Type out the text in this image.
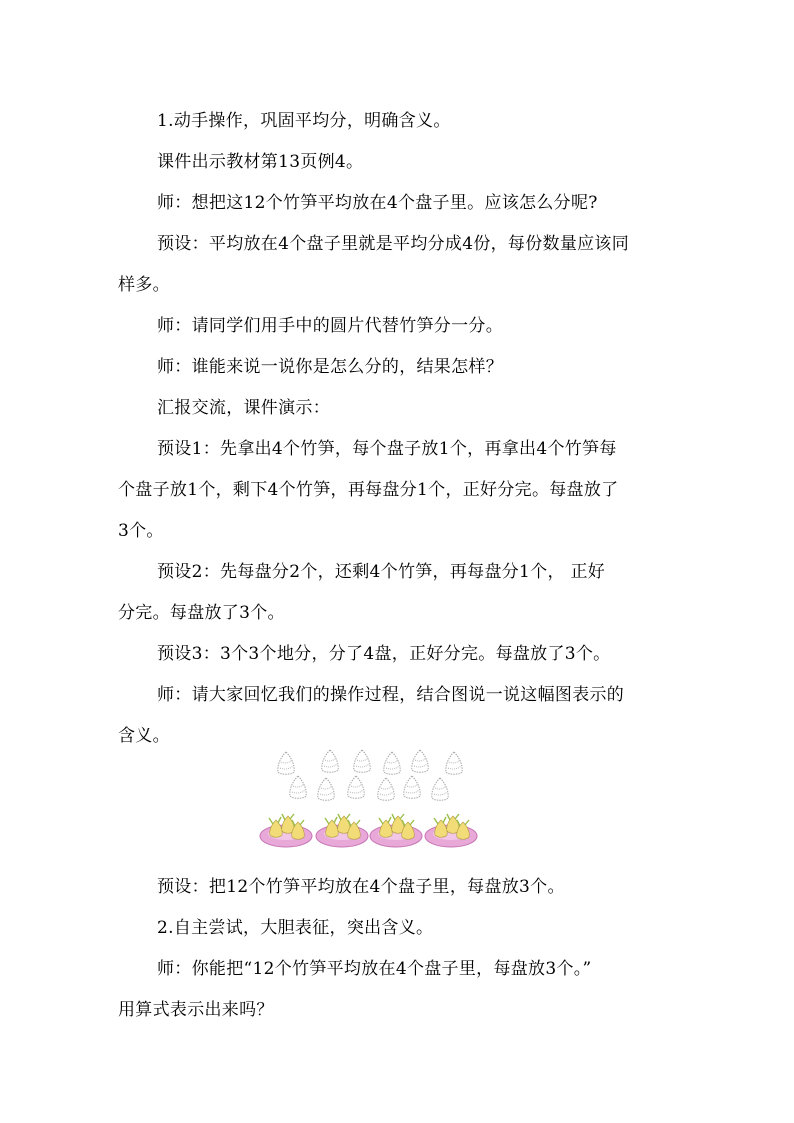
1.动手操作，巩固平均分，明确含义。
课件出示教材第13页例4。
师：想把这12个竹笋平均放在4个盘子里。应该怎么分呢?
预设：平均放在4个盘子里就是平均分成4份，每份数量应该同
样多。
师：请同学们用手中的圆片代替竹笋分一分。
师：谁能来说一说你是怎么分的，结果怎样？
汇报交流，课件演示：
预设1：先拿出4个竹笋，每个盘子放1个，再拿出4个竹笋每
个盘子放1个，剩下4个竹笋，再每盘分1个，正好分完。每盘放了
3个。
预设2：先每盘分2个，还剩4个竹笋，再每盘分1个， 正好
分完。每盘放了3个。
预设3：3个3个地分，分了4盘，正好分完。每盘放了3个。
师：请大家回忆我们的操作过程，结合图说一说这幅图表示的
含义。
预设：把12个竹笋平均放在4个盘子里，每盘放3个。
2.自主尝试，大胆表征，突出含义。
师：你能把“12个竹笋平均放在4个盘子里，每盘放3个。”
用算式表示出来吗？
